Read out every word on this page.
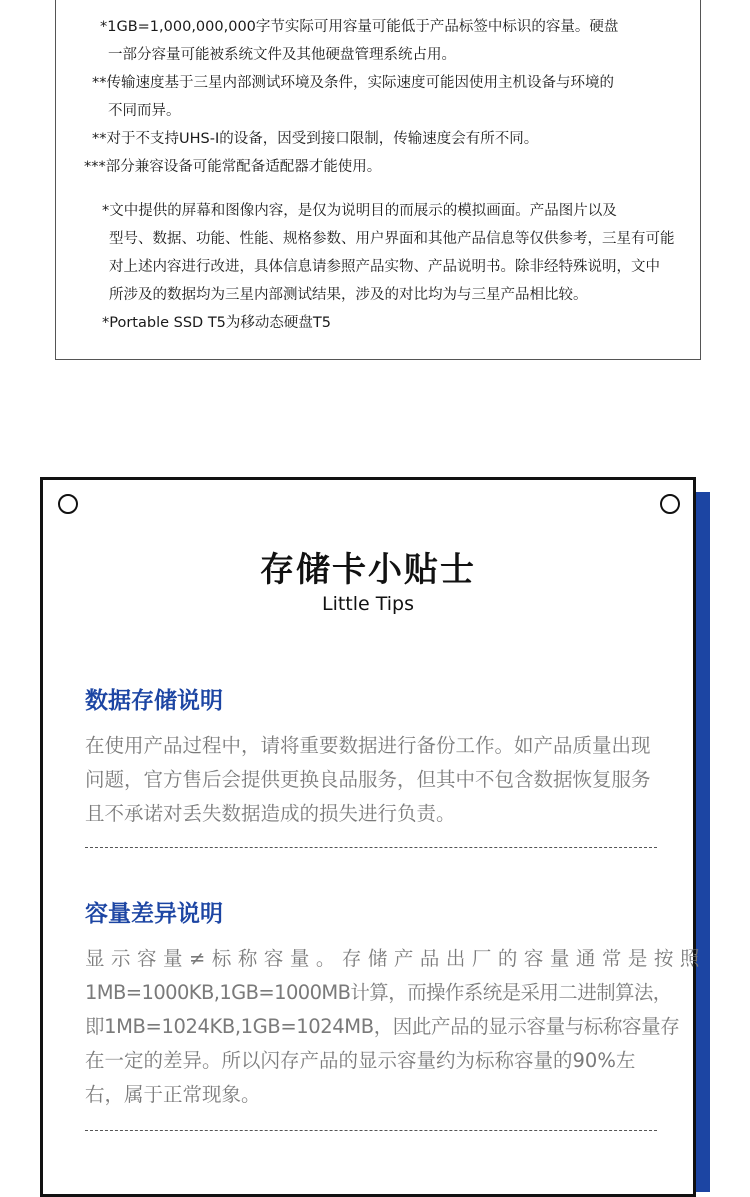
*1GB=1,000,000,000字节实际可用容量可能低于产品标签中标识的容量。硬盘
一部分容量可能被系统文件及其他硬盘管理系统占用。
**传输速度基于三星内部测试环境及条件，实际速度可能因使用主机设备与环境的
不同而异。
**对于不支持UHS-I的设备，因受到接口限制，传输速度会有所不同。
***部分兼容设备可能常配备适配器才能使用。
*文中提供的屏幕和图像内容，是仅为说明目的而展示的模拟画面。产品图片以及
型号、数据、功能、性能、规格参数、用户界面和其他产品信息等仅供参考，三星有可能
对上述内容进行改进，具体信息请参照产品实物、产品说明书。除非经特殊说明，文中
所涉及的数据均为三星内部测试结果，涉及的对比均为与三星产品相比较。
*Portable SSD T5为移动态硬盘T5
存储卡小贴士
Little Tips
数据存储说明
在使用产品过程中，请将重要数据进行备份工作。如产品质量出现
问题，官方售后会提供更换良品服务，但其中不包含数据恢复服务
且不承诺对丢失数据造成的损失进行负责。
容量差异说明
显示容量≠标称容量。存储产品出厂的容量通常是按照
1MB=1000KB,1GB=1000MB计算，而操作系统是采用二进制算法，
即1MB=1024KB,1GB=1024MB，因此产品的显示容量与标称容量存
在一定的差异。所以闪存产品的显示容量约为标称容量的90%左
右，属于正常现象。
